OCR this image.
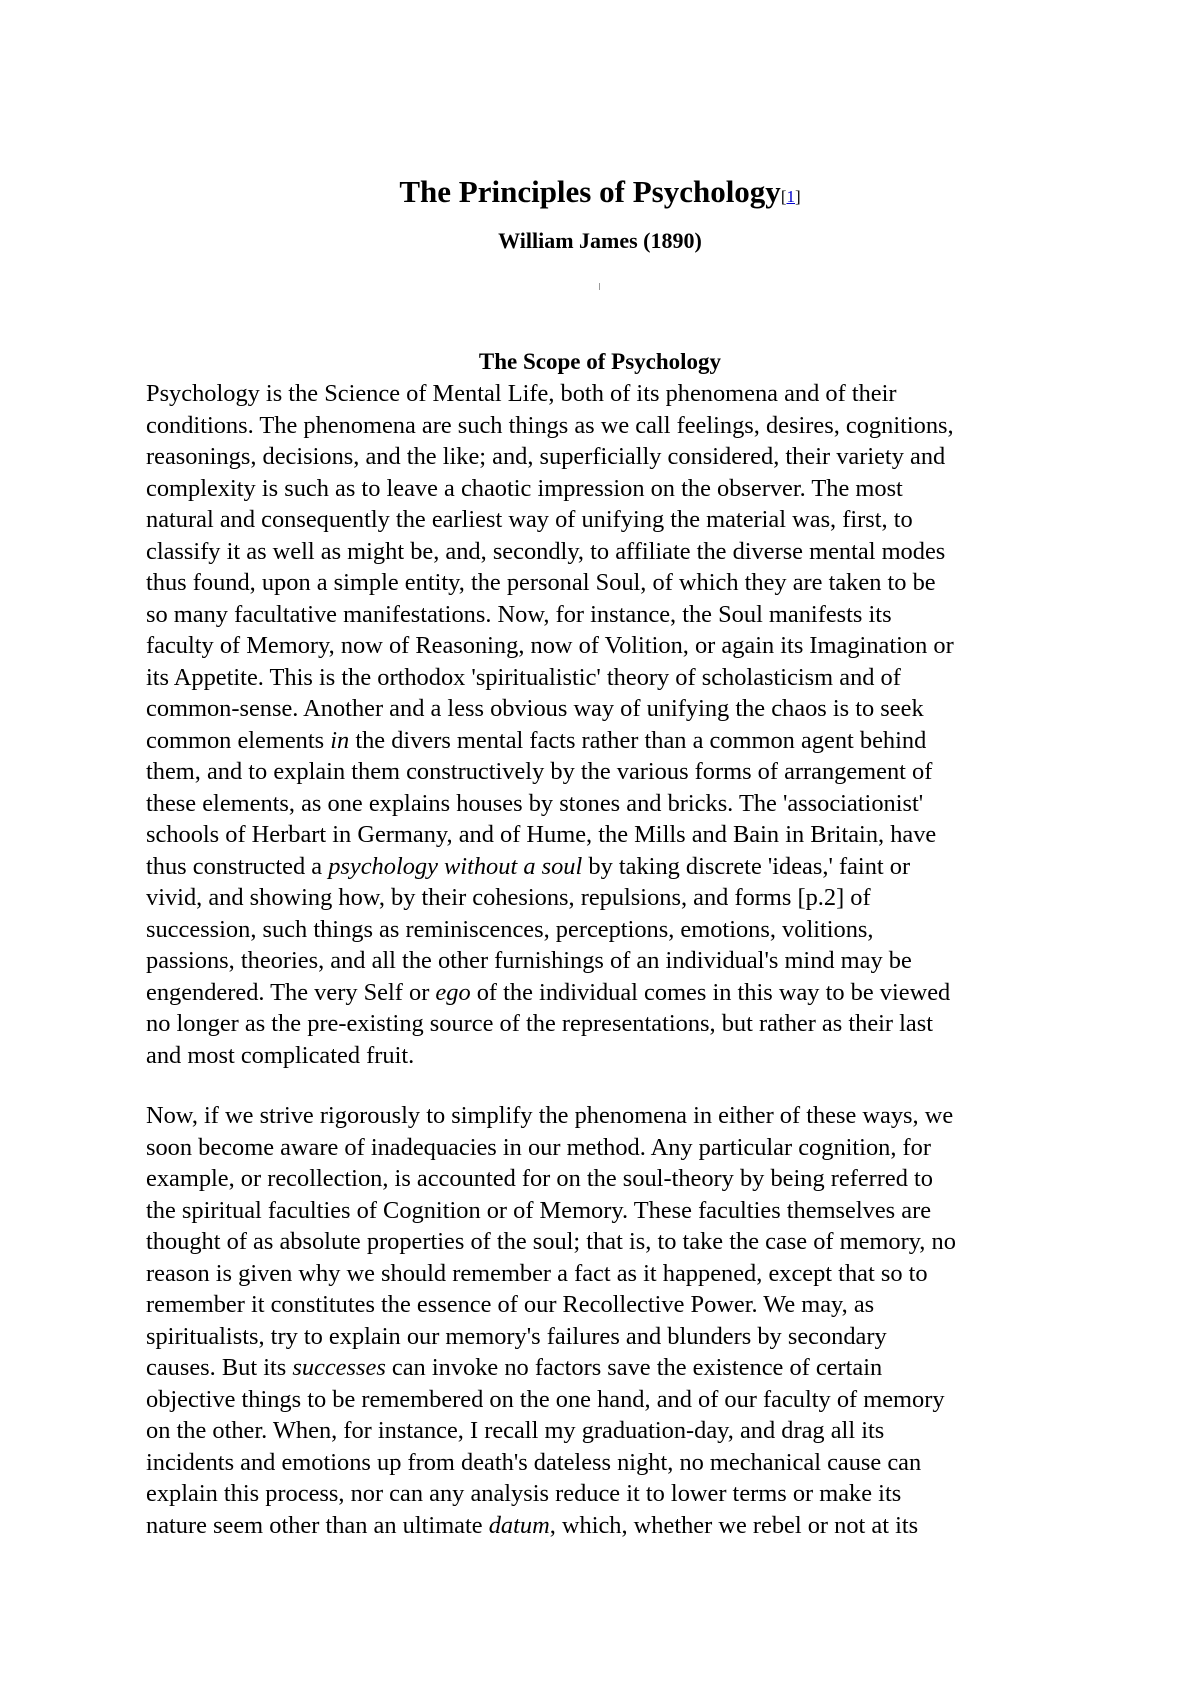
The Principles of Psychology[1]

William James (1890)

The Scope of Psychology

Psychology is the Science of Mental Life, both of its phenomena and of their
conditions. The phenomena are such things as we call feelings, desires, cognitions,
reasonings, decisions, and the like; and, superficially considered, their variety and
complexity is such as to leave a chaotic impression on the observer. The most
natural and consequently the earliest way of unifying the material was, first, to
classify it as well as might be, and, secondly, to affiliate the diverse mental modes
thus found, upon a simple entity, the personal Soul, of which they are taken to be
so many facultative manifestations. Now, for instance, the Soul manifests its
faculty of Memory, now of Reasoning, now of Volition, or again its Imagination or
its Appetite. This is the orthodox 'spiritualistic' theory of scholasticism and of
common-sense. Another and a less obvious way of unifying the chaos is to seek
common elements in the divers mental facts rather than a common agent behind
them, and to explain them constructively by the various forms of arrangement of
these elements, as one explains houses by stones and bricks. The 'associationist'
schools of Herbart in Germany, and of Hume, the Mills and Bain in Britain, have
thus constructed a psychology without a soul by taking discrete 'ideas,' faint or
vivid, and showing how, by their cohesions, repulsions, and forms [p.2] of
succession, such things as reminiscences, perceptions, emotions, volitions,
passions, theories, and all the other furnishings of an individual's mind may be
engendered. The very Self or ego of the individual comes in this way to be viewed
no longer as the pre-existing source of the representations, but rather as their last
and most complicated fruit.

Now, if we strive rigorously to simplify the phenomena in either of these ways, we
soon become aware of inadequacies in our method. Any particular cognition, for
example, or recollection, is accounted for on the soul-theory by being referred to
the spiritual faculties of Cognition or of Memory. These faculties themselves are
thought of as absolute properties of the soul; that is, to take the case of memory, no
reason is given why we should remember a fact as it happened, except that so to
remember it constitutes the essence of our Recollective Power. We may, as
spiritualists, try to explain our memory's failures and blunders by secondary
causes. But its successes can invoke no factors save the existence of certain
objective things to be remembered on the one hand, and of our faculty of memory
on the other. When, for instance, I recall my graduation-day, and drag all its
incidents and emotions up from death's dateless night, no mechanical cause can
explain this process, nor can any analysis reduce it to lower terms or make its
nature seem other than an ultimate datum, which, whether we rebel or not at its
